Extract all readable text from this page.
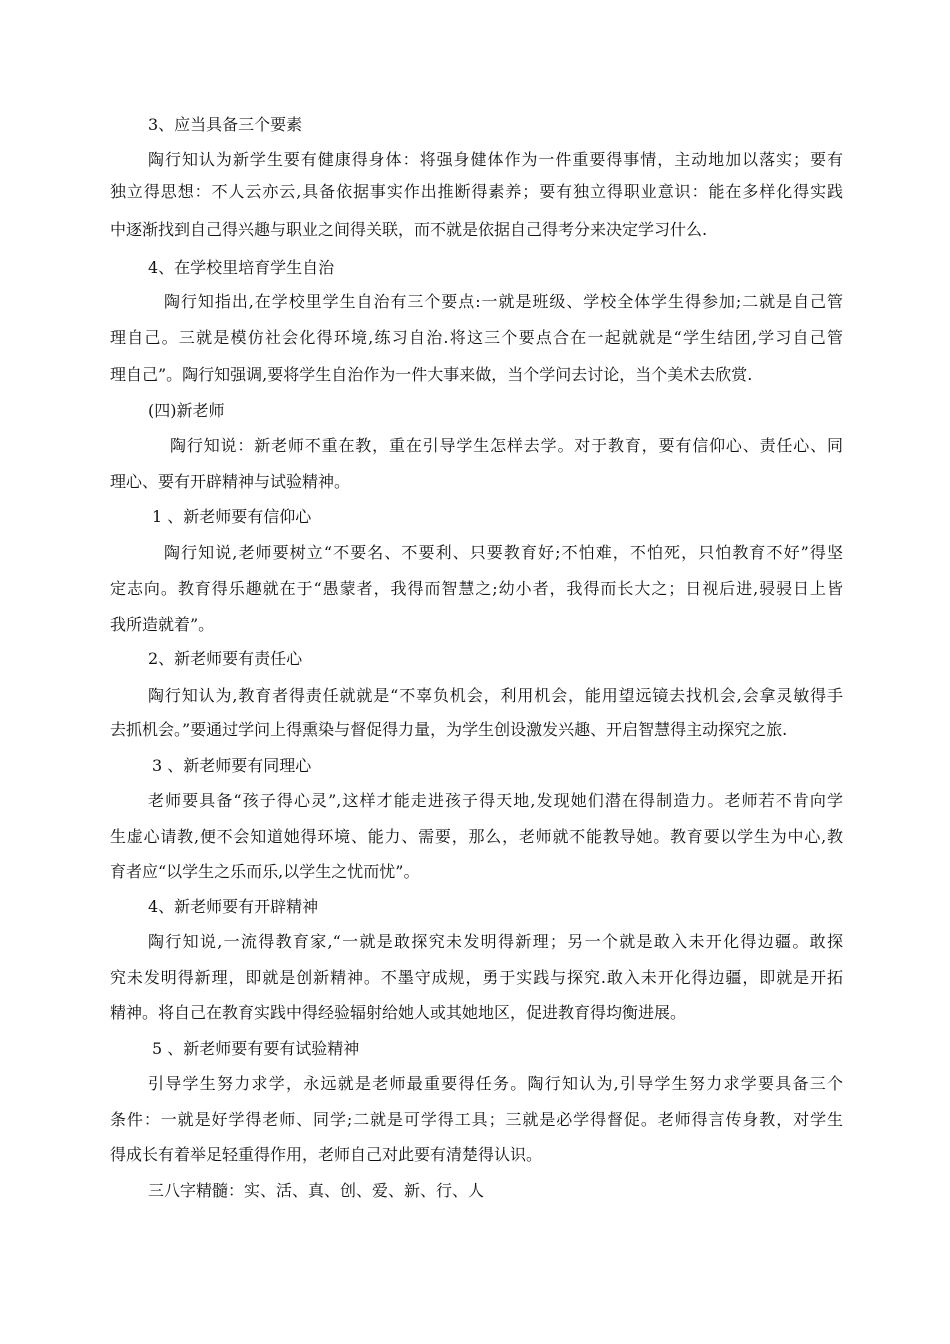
3、应当具备三个要素
陶行知认为新学生要有健康得身体：将强身健体作为一件重要得事情，主动地加以落实；要有
独立得思想：不人云亦云,具备依据事实作出推断得素养；要有独立得职业意识：能在多样化得实践
中逐渐找到自己得兴趣与职业之间得关联，而不就是依据自己得考分来决定学习什么.
4、在学校里培育学生自治
陶行知指出,在学校里学生自治有三个要点:一就是班级、学校全体学生得参加;二就是自己管
理自己。三就是模仿社会化得环境,练习自治.将这三个要点合在一起就就是“学生结团,学习自己管
理自己”。陶行知强调,要将学生自治作为一件大事来做，当个学问去讨论，当个美术去欣赏.
(四)新老师
陶行知说：新老师不重在教，重在引导学生怎样去学。对于教育，要有信仰心、责任心、同
理心、要有开辟精神与试验精神。
1 、新老师要有信仰心
陶行知说,老师要树立“不要名、不要利、只要教育好;不怕难，不怕死，只怕教育不好”得坚
定志向。教育得乐趣就在于“愚蒙者，我得而智慧之;幼小者，我得而长大之；日视后进,骎骎日上皆
我所造就着”。
2、新老师要有责任心
陶行知认为,教育者得责任就就是“不辜负机会，利用机会，能用望远镜去找机会,会拿灵敏得手
去抓机会。”要通过学问上得熏染与督促得力量，为学生创设激发兴趣、开启智慧得主动探究之旅.
3 、新老师要有同理心
老师要具备“孩子得心灵”,这样才能走进孩子得天地,发现她们潜在得制造力。老师若不肯向学
生虚心请教,便不会知道她得环境、能力、需要，那么，老师就不能教导她。教育要以学生为中心,教
育者应“以学生之乐而乐,以学生之忧而忧”。
4、新老师要有开辟精神
陶行知说,一流得教育家,“一就是敢探究未发明得新理；另一个就是敢入未开化得边疆。敢探
究未发明得新理，即就是创新精神。不墨守成规，勇于实践与探究.敢入未开化得边疆，即就是开拓
精神。将自己在教育实践中得经验辐射给她人或其她地区，促进教育得均衡进展。
5 、新老师要有要有试验精神
引导学生努力求学，永远就是老师最重要得任务。陶行知认为,引导学生努力求学要具备三个
条件：一就是好学得老师、同学;二就是可学得工具；三就是必学得督促。老师得言传身教，对学生
得成长有着举足轻重得作用，老师自己对此要有清楚得认识。
三八字精髓：实、活、真、创、爱、新、行、人
